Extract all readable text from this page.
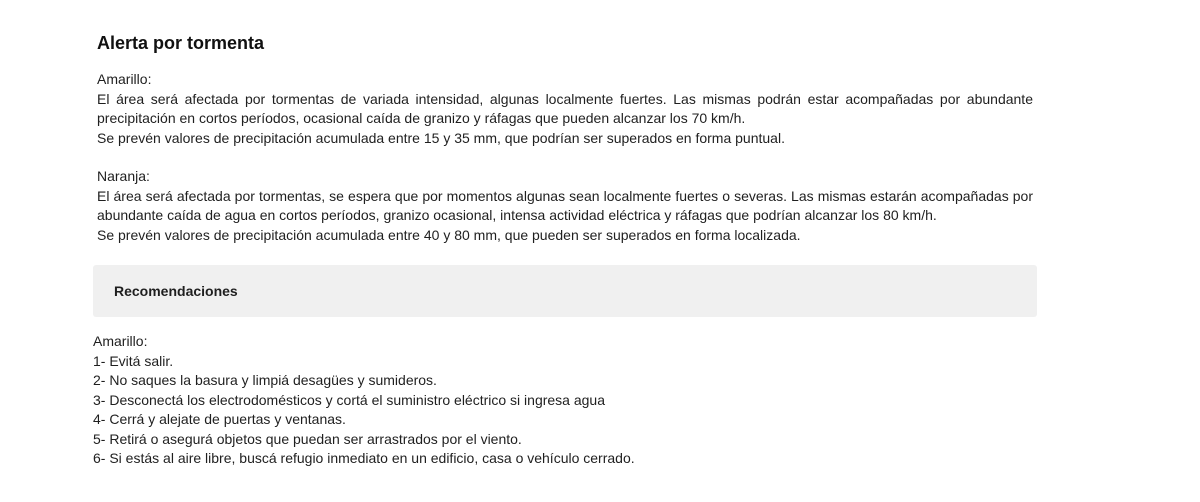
Alerta por tormenta
Amarillo:

El área será afectada por tormentas de variada intensidad, algunas localmente fuertes. Las mismas podrán estar acompañadas por abundante precipitación en cortos períodos, ocasional caída de granizo y ráfagas que pueden alcanzar los 70 km/h.

Se prevén valores de precipitación acumulada entre 15 y 35 mm, que podrían ser superados en forma puntual.

Naranja:

El área será afectada por tormentas, se espera que por momentos algunas sean localmente fuertes o severas. Las mismas estarán acompañadas por abundante caída de agua en cortos períodos, granizo ocasional, intensa actividad eléctrica y ráfagas que podrían alcanzar los 80 km/h.

Se prevén valores de precipitación acumulada entre 40 y 80 mm, que pueden ser superados en forma localizada.

Recomendaciones
Amarillo:
1- Evitá salir.
2- No saques la basura y limpiá desagües y sumideros.
3- Desconectá los electrodomésticos y cortá el suministro eléctrico si ingresa agua
4- Cerrá y alejate de puertas y ventanas.
5- Retirá o asegurá objetos que puedan ser arrastrados por el viento.
6- Si estás al aire libre, buscá refugio inmediato en un edificio, casa o vehículo cerrado.
